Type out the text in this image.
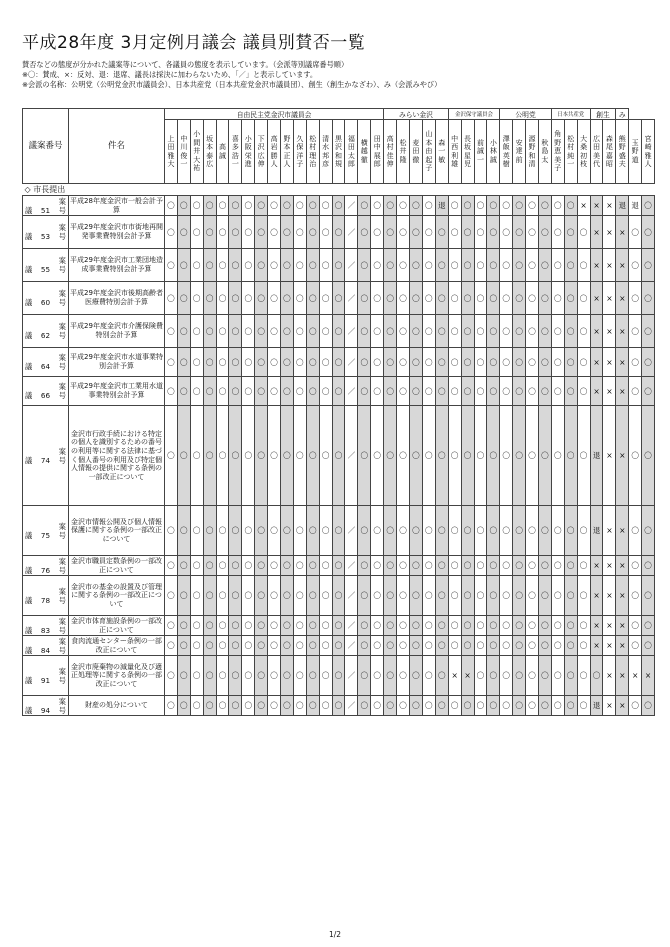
平成28年度 3月定例月議会 議員別賛否一覧
賛否などの態度が分かれた議案等について、各議員の態度を表示しています。（会派等別議席番号順）
※〇：賛成、×：反対、退：退席、議長は採決に加わらないため、「／」と表示しています。
※会派の名称：公明党（公明党金沢市議員会）、日本共産党（日本共産党金沢市議員団）、創生（創生かなざわ）、み（会派みやび）
議案番号	件名	自由民主党金沢市議員会																	みらい金沢					金沢保守議員会				公明党				日本共産党			創生		み		
		上田雅大	中川俊一	小間井大祐	坂本泰広	高誠	喜多浩一	小阪栄進	下沢広伸	高岩勝人	野本正人	久保洋子	松村理治	清水邦彦	黒沢和規	福田太郎	横越徹	田中展郎	高村佳伸	松井隆	麦田徹	山本由起子	森一敏	中西利雄	長坂星児	前誠一	小林誠	澤飯英樹	安達前	源野和清	秋島太	角野恵美子	松村純一	大桑初枝	広田美代	森尾嘉昭	熊野盛夫	玉野道	宮崎雅人
◇ 市長提出																																							

案
議 51 号	平成28年度金沢市一般会計予算	〇	〇	〇	〇	〇	〇	〇	〇	〇	〇	〇	〇	〇	〇	／	〇	〇	〇	〇	〇	〇	退	〇	〇	〇	〇	〇	〇	〇	〇	〇	〇	×	×	×	退	退	〇

案
議 53 号	平成29年度金沢市市街地再開発事業費特別会計予算	〇	〇	〇	〇	〇	〇	〇	〇	〇	〇	〇	〇	〇	〇	／	〇	〇	〇	〇	〇	〇	〇	〇	〇	〇	〇	〇	〇	〇	〇	〇	〇	〇	×	×	×	〇	〇

案
議 55 号	平成29年度金沢市工業団地造成事業費特別会計予算	〇	〇	〇	〇	〇	〇	〇	〇	〇	〇	〇	〇	〇	〇	／	〇	〇	〇	〇	〇	〇	〇	〇	〇	〇	〇	〇	〇	〇	〇	〇	〇	〇	×	×	×	〇	〇

案
議 60 号	平成29年度金沢市後期高齢者医療費特別会計予算	〇	〇	〇	〇	〇	〇	〇	〇	〇	〇	〇	〇	〇	〇	／	〇	〇	〇	〇	〇	〇	〇	〇	〇	〇	〇	〇	〇	〇	〇	〇	〇	〇	×	×	×	〇	〇

案
議 62 号	平成29年度金沢市介護保険費特別会計予算	〇	〇	〇	〇	〇	〇	〇	〇	〇	〇	〇	〇	〇	〇	／	〇	〇	〇	〇	〇	〇	〇	〇	〇	〇	〇	〇	〇	〇	〇	〇	〇	〇	×	×	×	〇	〇

案
議 64 号	平成29年度金沢市水道事業特別会計予算	〇	〇	〇	〇	〇	〇	〇	〇	〇	〇	〇	〇	〇	〇	／	〇	〇	〇	〇	〇	〇	〇	〇	〇	〇	〇	〇	〇	〇	〇	〇	〇	〇	×	×	×	〇	〇

案
議 66 号	平成29年度金沢市工業用水道事業特別会計予算	〇	〇	〇	〇	〇	〇	〇	〇	〇	〇	〇	〇	〇	〇	／	〇	〇	〇	〇	〇	〇	〇	〇	〇	〇	〇	〇	〇	〇	〇	〇	〇	〇	×	×	×	〇	〇

案
議 74 号	金沢市行政手続における特定の個人を識別するための番号の利用等に関する法律に基づく個人番号の利用及び特定個人情報の提供に関する条例の一部改正について	〇	〇	〇	〇	〇	〇	〇	〇	〇	〇	〇	〇	〇	〇	／	〇	〇	〇	〇	〇	〇	〇	〇	〇	〇	〇	〇	〇	〇	〇	〇	〇	〇	退	×	×	〇	〇

案
議 75 号	金沢市情報公開及び個人情報保護に関する条例の一部改正について	〇	〇	〇	〇	〇	〇	〇	〇	〇	〇	〇	〇	〇	〇	／	〇	〇	〇	〇	〇	〇	〇	〇	〇	〇	〇	〇	〇	〇	〇	〇	〇	〇	退	×	×	〇	〇

案
議 76 号	金沢市職員定数条例の一部改正について	〇	〇	〇	〇	〇	〇	〇	〇	〇	〇	〇	〇	〇	〇	／	〇	〇	〇	〇	〇	〇	〇	〇	〇	〇	〇	〇	〇	〇	〇	〇	〇	〇	×	×	×	〇	〇

案
議 78 号	金沢市の基金の設置及び管理に関する条例の一部改正について	〇	〇	〇	〇	〇	〇	〇	〇	〇	〇	〇	〇	〇	〇	／	〇	〇	〇	〇	〇	〇	〇	〇	〇	〇	〇	〇	〇	〇	〇	〇	〇	〇	×	×	×	〇	〇

案
議 83 号	金沢市体育施設条例の一部改正について	〇	〇	〇	〇	〇	〇	〇	〇	〇	〇	〇	〇	〇	〇	／	〇	〇	〇	〇	〇	〇	〇	〇	〇	〇	〇	〇	〇	〇	〇	〇	〇	〇	×	×	×	〇	〇

案
議 84 号	食肉流通センター条例の一部改正について	〇	〇	〇	〇	〇	〇	〇	〇	〇	〇	〇	〇	〇	〇	／	〇	〇	〇	〇	〇	〇	〇	〇	〇	〇	〇	〇	〇	〇	〇	〇	〇	〇	×	×	×	〇	〇

案
議 91 号	金沢市廃棄物の減量化及び適正処理等に関する条例の一部改正について	〇	〇	〇	〇	〇	〇	〇	〇	〇	〇	〇	〇	〇	〇	／	〇	〇	〇	〇	〇	〇	〇	×	×	〇	〇	〇	〇	〇	〇	〇	〇	〇	〇	×	×	×	×

案
議 94 号	財産の処分について	〇	〇	〇	〇	〇	〇	〇	〇	〇	〇	〇	〇	〇	〇	／	〇	〇	〇	〇	〇	〇	〇	〇	〇	〇	〇	〇	〇	〇	〇	〇	〇	〇	退	×	×	〇	〇
1/2
